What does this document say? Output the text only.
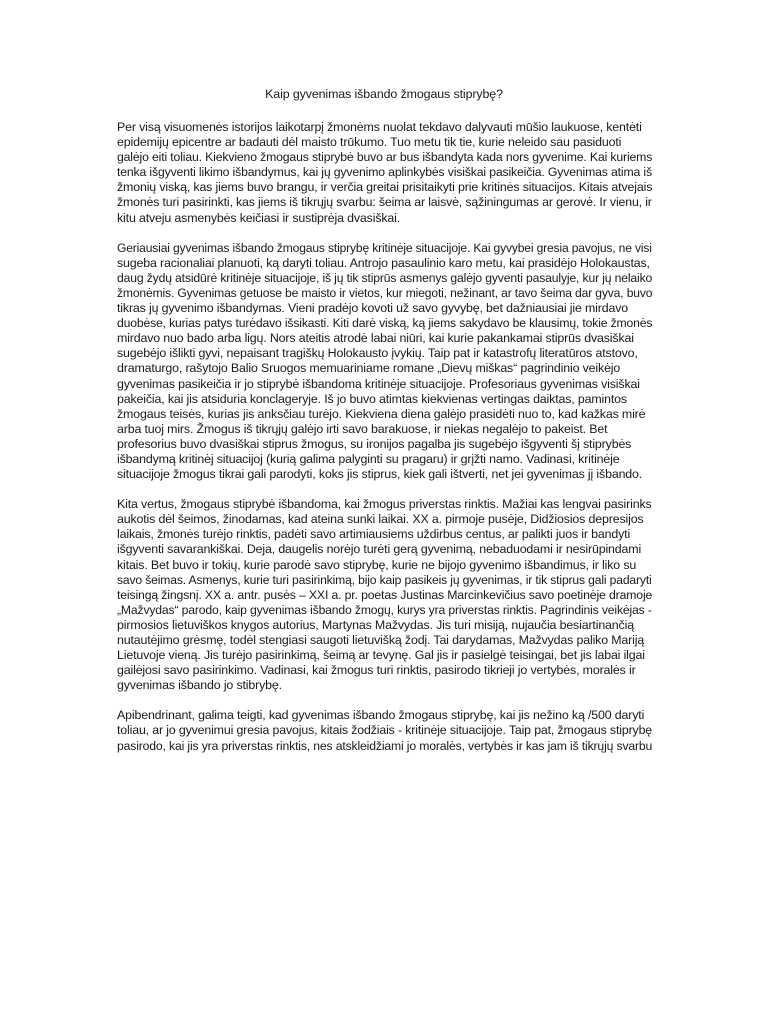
Kaip gyvenimas išbando žmogaus stiprybę?
Per visą visuomenės istorijos laikotarpį žmonėms nuolat tekdavo dalyvauti mūšio laukuose, kentėti
epidemijų epicentre ar badauti dėl maisto trūkumo. Tuo metu tik tie, kurie neleido sau pasiduoti
galėjo eiti toliau. Kiekvieno žmogaus stiprybė buvo ar bus išbandyta kada nors gyvenime. Kai kuriems
tenka išgyventi likimo išbandymus, kai jų gyvenimo aplinkybės visiškai pasikeičia. Gyvenimas atima iš
žmonių viską, kas jiems buvo brangu, ir verčia greitai prisitaikyti prie kritinės situacijos. Kitais atvejais
žmonės turi pasirinkti, kas jiems iš tikrųjų svarbu: šeima ar laisvė, sąžiningumas ar gerovė. Ir vienu, ir
kitu atveju asmenybės keičiasi ir sustiprėja dvasiškai.
Geriausiai gyvenimas išbando žmogaus stiprybę kritinėje situacijoje. Kai gyvybei gresia pavojus, ne visi
sugeba racionaliai planuoti, ką daryti toliau. Antrojo pasaulinio karo metu, kai prasidėjo Holokaustas,
daug žydų atsidūrė kritinėje situacijoje, iš jų tik stiprūs asmenys galėjo gyventi pasaulyje, kur jų nelaiko
žmonėmis. Gyvenimas getuose be maisto ir vietos, kur miegoti, nežinant, ar tavo šeima dar gyva, buvo
tikras jų gyvenimo išbandymas. Vieni pradėjo kovoti už savo gyvybę, bet dažniausiai jie mirdavo
duobėse, kurias patys turėdavo išsikasti. Kiti darė viską, ką jiems sakydavo be klausimų, tokie žmonės
mirdavo nuo bado arba ligų. Nors ateitis atrodė labai niūri, kai kurie pakankamai stiprūs dvasiškai
sugebėjo išlikti gyvi, nepaisant tragiškų Holokausto įvykių. Taip pat ir katastrofų literatūros atstovo,
dramaturgo, rašytojo Balio Sruogos memuariniame romane „Dievų miškas“ pagrindinio veikėjo
gyvenimas pasikeičia ir jo stiprybė išbandoma kritinėje situacijoje. Profesoriaus gyvenimas visiškai
pakeičia, kai jis atsiduria konclageryje. Iš jo buvo atimtas kiekvienas vertingas daiktas, pamintos
žmogaus teisės, kurias jis anksčiau turėjo. Kiekviena diena galėjo prasidėti nuo to, kad kažkas mirė
arba tuoj mirs. Žmogus iš tikrųjų galėjo irti savo barakuose, ir niekas negalėjo to pakeist. Bet
profesorius buvo dvasiškai stiprus žmogus, su ironijos pagalba jis sugebėjo išgyventi šį stiprybės
išbandymą kritinėj situacijoj (kurią galima palyginti su pragaru) ir grįžti namo. Vadinasi, kritinėje
situacijoje žmogus tikrai gali parodyti, koks jis stiprus, kiek gali ištverti, net jei gyvenimas jį išbando.
Kita vertus, žmogaus stiprybė išbandoma, kai žmogus priverstas rinktis. Mažiai kas lengvai pasirinks
aukotis dėl šeimos, žinodamas, kad ateina sunki laikai. XX a. pirmoje pusėje, Didžiosios depresijos
laikais, žmonės turėjo rinktis, padėti savo artimiausiems uždirbus centus, ar palikti juos ir bandyti
išgyventi savarankiškai. Deja, daugelis norėjo turėti gerą gyvenimą, nebaduodami ir nesirūpindami
kitais. Bet buvo ir tokių, kurie parodė savo stiprybę, kurie ne bijojo gyvenimo išbandimus, ir liko su
savo šeimas. Asmenys, kurie turi pasirinkimą, bijo kaip pasikeis jų gyvenimas, ir tik stiprus gali padaryti
teisingą žingsnį. XX a. antr. pusės – XXI a. pr. poetas Justinas Marcinkevičius savo poetinėje dramoje
„Mažvydas“ parodo, kaip gyvenimas išbando žmogų, kurys yra priverstas rinktis. Pagrindinis veikėjas -
pirmosios lietuviškos knygos autorius, Martynas Mažvydas. Jis turi misiją, nujaučia besiartinančią
nutautėjimo grėsmę, todėl stengiasi saugoti lietuvišką žodį. Tai darydamas, Mažvydas paliko Mariją
Lietuvoje vieną. Jis turėjo pasirinkimą, šeimą ar tevynę. Gal jis ir pasielgė teisingai, bet jis labai ilgai
gailėjosi savo pasirinkimo. Vadinasi, kai žmogus turi rinktis, pasirodo tikrieji jo vertybės, moralės ir
gyvenimas išbando jo stibrybę.
Apibendrinant, galima teigti, kad gyvenimas išbando žmogaus stiprybę, kai jis nežino ką /500 daryti
toliau, ar jo gyvenimui gresia pavojus, kitais žodžiais - kritinėje situacijoje. Taip pat, žmogaus stiprybę
pasirodo, kai jis yra priverstas rinktis, nes atskleidžiami jo moralės, vertybės ir kas jam iš tikrųjų svarbu
